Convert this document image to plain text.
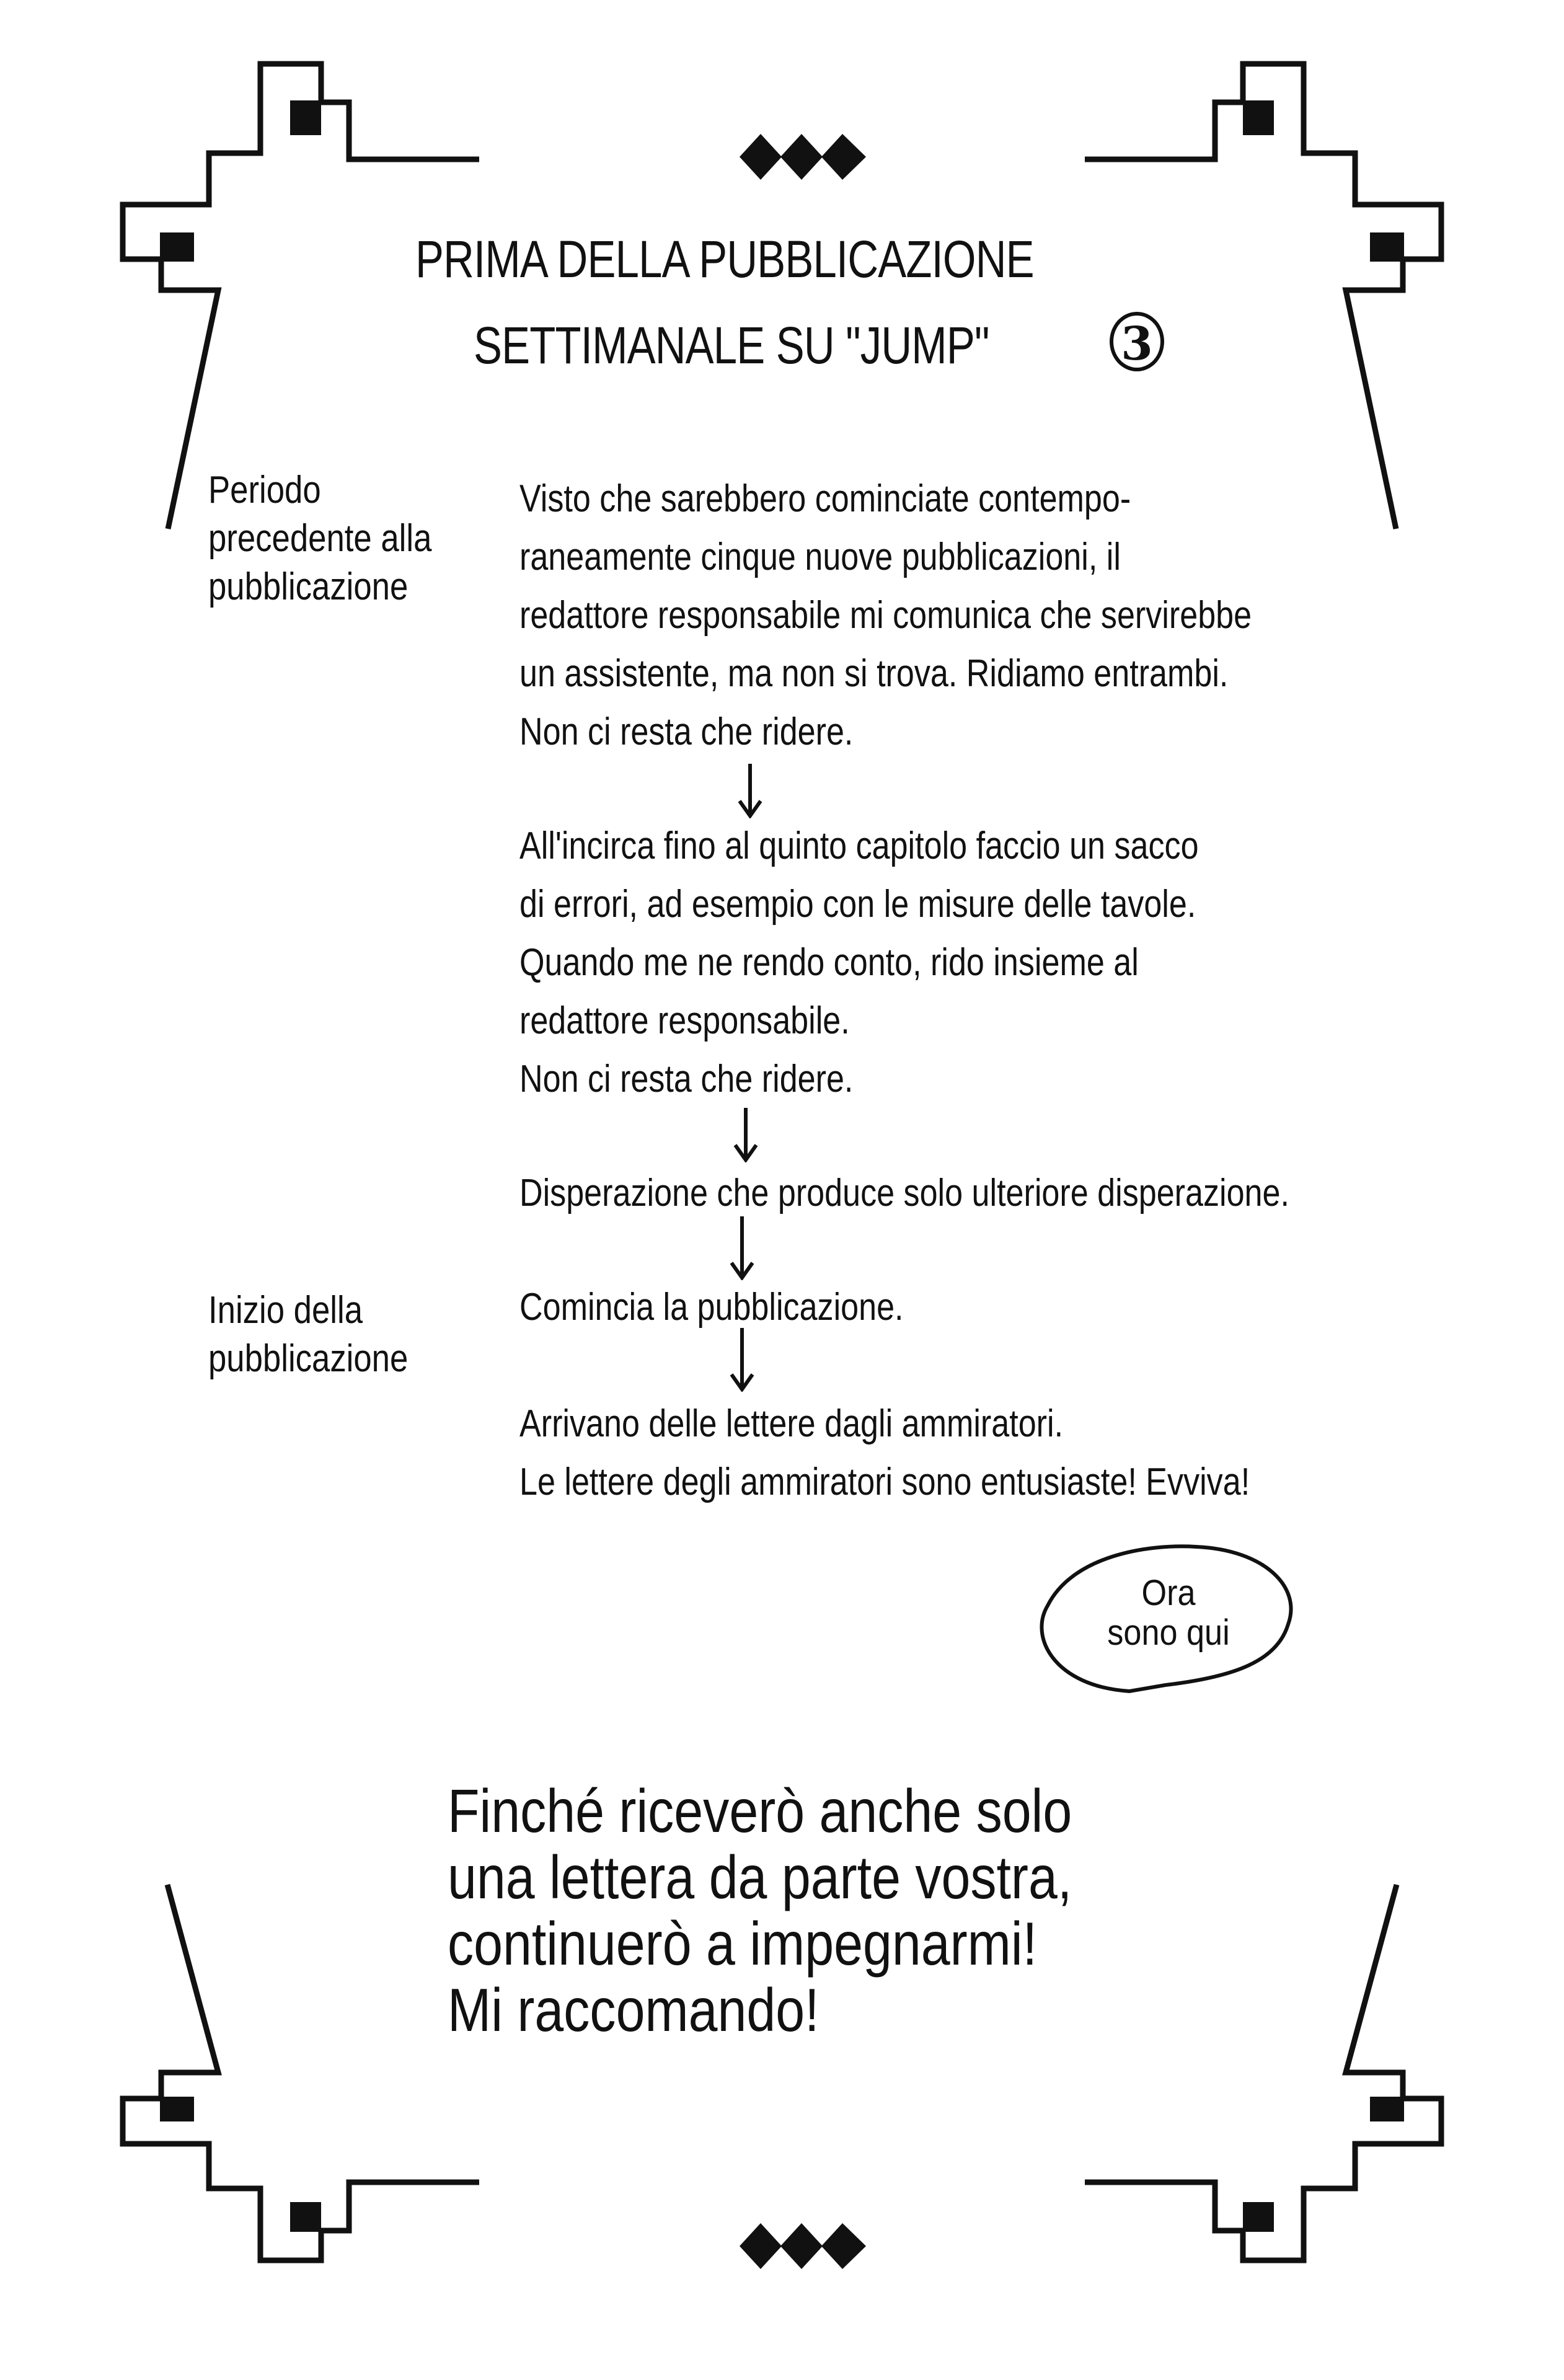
PRIMA DELLA PUBBLICAZIONE
SETTIMANALE SU "JUMP"	3
Periodo
precedente alla
pubblicazione
Inizio della
pubblicazione
Visto che sarebbero cominciate contempo-
raneamente cinque nuove pubblicazioni, il
redattore responsabile mi comunica che servirebbe
un assistente, ma non si trova. Ridiamo entrambi.
Non ci resta che ridere.
All'incirca fino al quinto capitolo faccio un sacco
di errori, ad esempio con le misure delle tavole.
Quando me ne rendo conto, rido insieme al
redattore responsabile.
Non ci resta che ridere.
Disperazione che produce solo ulteriore disperazione.
Comincia la pubblicazione.
Arrivano delle lettere dagli ammiratori.
Le lettere degli ammiratori sono entusiaste! Evviva!
Ora
sono qui
Finché riceverò anche solo
una lettera da parte vostra,
continuerò a impegnarmi!
Mi raccomando!
